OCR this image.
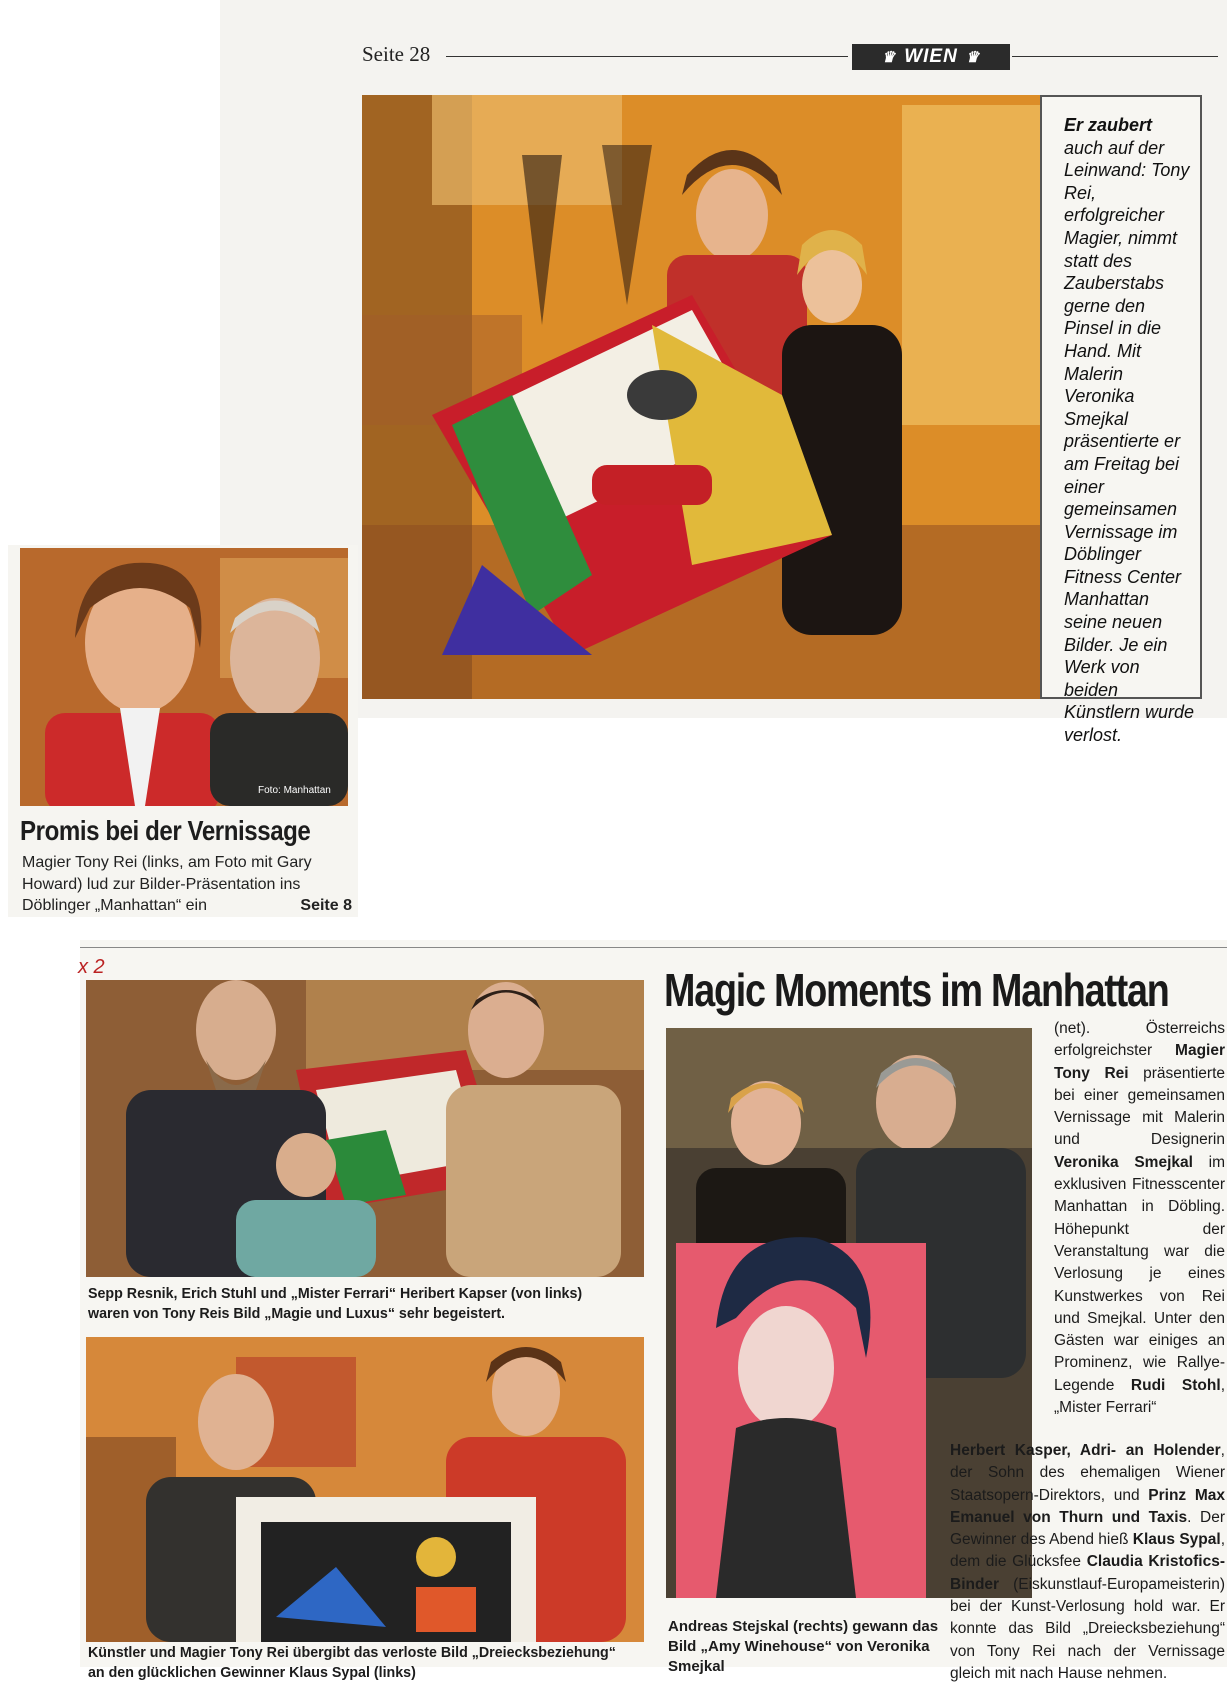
Seite 28	♛ WIEN ♛
Er zaubert auch auf der Leinwand: Tony Rei, erfolgreicher Magier, nimmt statt des Zauberstabs gerne den Pinsel in die Hand. Mit Malerin Veronika Smejkal präsentierte er am Freitag bei einer gemeinsamen Vernissage im Döblinger Fitness Center Manhattan seine neuen Bilder. Je ein Werk von beiden Künstlern wurde verlost.
Foto: Manhattan
Promis bei der Vernissage
Magier Tony Rei (links, am Foto mit Gary Howard) lud zur Bilder-Präsentation ins Döblinger „Manhattan“ ein	Seite 8
x 2
Sepp Resnik, Erich Stuhl und „Mister Ferrari“ Heribert Kapser (von links) waren von Tony Reis Bild „Magie und Luxus“ sehr begeistert.
Künstler und Magier Tony Rei übergibt das verloste Bild „Dreiecksbeziehung“ an den glücklichen Gewinner Klaus Sypal (links)
Magic Moments im Manhattan
Andreas Stejskal (rechts) gewann das Bild „Amy Winehouse“ von Veronika Smejkal
(net). Österreichs erfolgreichster Magier Tony Rei präsentierte bei einer gemeinsamen Vernissage mit Malerin und Designerin Veronika Smejkal im exklusiven Fitnesscenter Manhattan in Döbling. Höhepunkt der Veranstaltung war die Verlosung je eines Kunstwerkes von Rei und Smejkal. Unter den Gästen war einiges an Prominenz, wie Rallye-Legende Rudi Stohl, „Mister Ferrari“
Herbert Kasper, Adri- an Holender, der Sohn des ehemaligen Wiener Staatsopern-Direktors, und Prinz Max Emanuel von Thurn und Taxis. Der Gewinner des Abend hieß Klaus Sypal, dem die Glücksfee Claudia Kristofics-Binder (Eiskunstlauf-Europameisterin) bei der Kunst-Verlosung hold war. Er konnte das Bild „Dreiecksbeziehung“ von Tony Rei nach der Vernissage gleich mit nach Hause nehmen.
